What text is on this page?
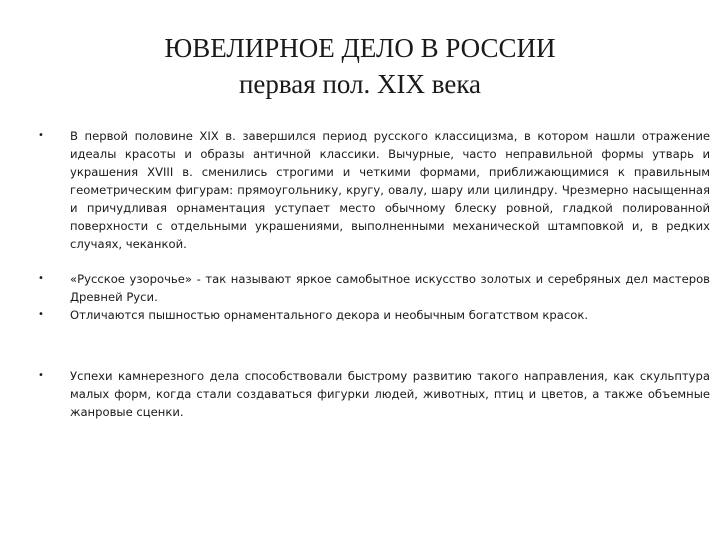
ЮВЕЛИРНОЕ ДЕЛО В РОССИИ
первая пол. XIX века
•	В первой половине XIX в. завершился период русского классицизма, в котором нашли отражение идеалы красоты и образы античной классики. Вычурные, часто неправильной формы утварь и украшения XVIII в. сменились строгими и четкими формами, приближающимися к правильным геометрическим фигурам: прямоугольнику, кругу, овалу, шару или цилиндру. Чрезмерно насыщенная и причудливая орнаментация уступает место обычному блеску ровной, гладкой полированной поверхности с отдельными украшениями, выполненными механической штамповкой и, в редких случаях, чеканкой.
•	«Русское узорочье» - так называют яркое самобытное искусство золотых и серебряных дел мастеров Древней Руси.
•	Отличаются пышностью орнаментального декора и необычным богатством красок.
•	Успехи камнерезного дела способствовали быстрому развитию такого направления, как скульптура малых форм, когда стали создаваться фигурки людей, животных, птиц и цветов, а также объемные жанровые сценки.
